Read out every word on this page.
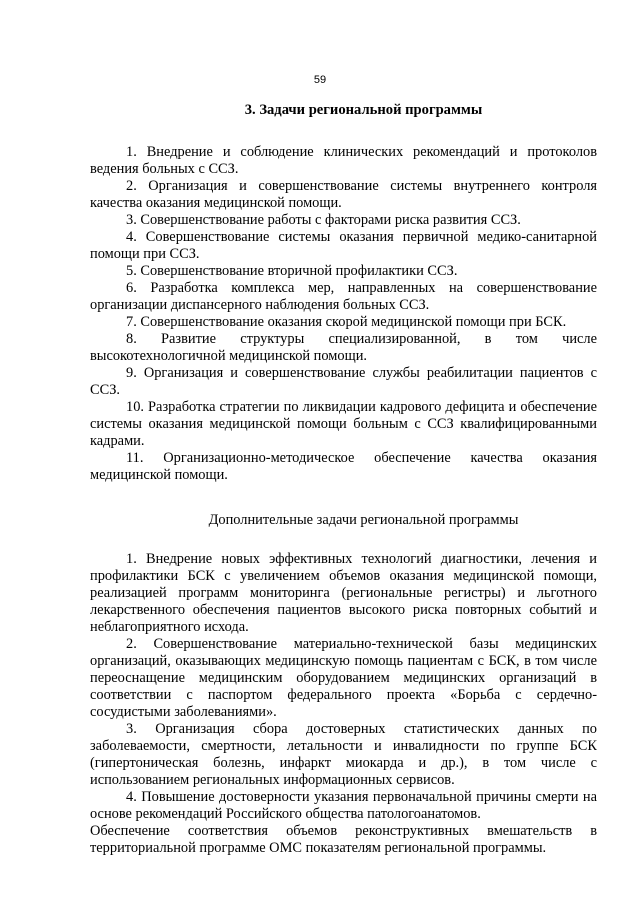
59
3. Задачи региональной программы

1. Внедрение и соблюдение клинических рекомендаций и протоколов ведения больных с ССЗ.

2. Организация и совершенствование системы внутреннего контроля качества оказания медицинской помощи.

3. Совершенствование работы с факторами риска развития ССЗ.

4. Совершенствование системы оказания первичной медико-санитарной помощи при ССЗ.

5. Совершенствование вторичной профилактики ССЗ.

6. Разработка комплекса мер, направленных на совершенствование организации диспансерного наблюдения больных ССЗ.

7. Совершенствование оказания скорой медицинской помощи при БСК.

8. Развитие структуры специализированной, в том числе высокотехнологичной медицинской помощи.

9. Организация и совершенствование службы реабилитации пациентов с ССЗ.

10. Разработка стратегии по ликвидации кадрового дефицита и обеспечение системы оказания медицинской помощи больным с ССЗ квалифицированными кадрами.

11. Организационно-методическое обеспечение качества оказания медицинской помощи.

Дополнительные задачи региональной программы

1. Внедрение новых эффективных технологий диагностики, лечения и профилактики БСК с увеличением объемов оказания медицинской помощи, реализацией программ мониторинга (региональные регистры) и льготного лекарственного обеспечения пациентов высокого риска повторных событий и неблагоприятного исхода.

2. Совершенствование материально-технической базы медицинских организаций, оказывающих медицинскую помощь пациентам с БСК, в том числе переоснащение медицинским оборудованием медицинских организаций в соответствии с паспортом федерального проекта «Борьба с сердечно-сосудистыми заболеваниями».

3. Организация сбора достоверных статистических данных по заболеваемости, смертности, летальности и инвалидности по группе БСК (гипертоническая болезнь, инфаркт миокарда и др.), в том числе с использованием региональных информационных сервисов.

4. Повышение достоверности указания первоначальной причины смерти на основе рекомендаций Российского общества патологоанатомов.

Обеспечение соответствия объемов реконструктивных вмешательств в территориальной программе ОМС показателям региональной программы.
